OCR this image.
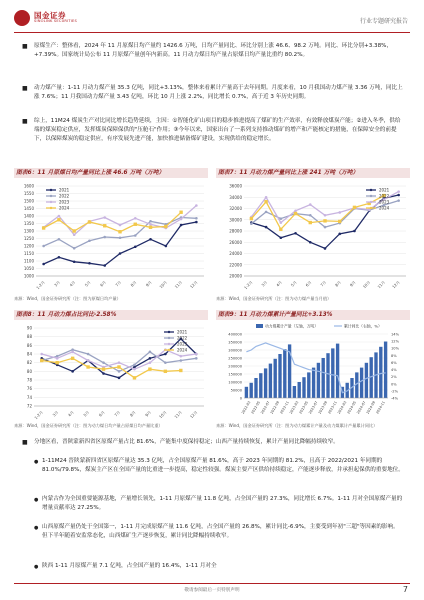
国金证券
SINOLINK SECURITIES	行业专题研究报告
■	原煤生产：整体看，2024 年 11 月原煤日均产量约 1426.6 万吨，日均产量同比、环比分别上涨 46.6、98.2 万吨。同比、环比分别+3.38%，+7.39%。国家统计局公布 11 月原煤产量创年内新高。11 月动力煤日均产量占原煤日均产量比重约 80.2%。
■	动力煤产量：1-11 月动力煤产量 35.3 亿吨，同比+3.13%，整体来看累计产量高于去年同期。月度来看，10 月我国动力煤产量 3.36 万吨，同比上涨 7.6%；11 月我国动力煤产量 3.43 亿吨，环比 10 月上涨 2.2%，同比增长 0.7%，高于近 3 年历史同期。
■	综上，11M24 煤炭生产对比同比增长趋势延续，主因：①智能化矿山项目的稳步推进提高了煤矿的生产效率，有效释放煤炭产能；②进入冬季，供给端的煤炭稳定供应，发挥煤炭保障保供的"压舱石"作用；③今年以来，国家出台了一系列支持推动煤矿的增产和产能核定的措施，在保障安全的前提下，以保障煤炭的稳定供应，有序发展先进产能，加快推进储备煤矿建设，实现供给的稳定增长。
图表6：11 月原煤日均产量同比上涨 46.6 万吨（万吨）
1000
1050
1100
1150
1200
1250
1300
1350
1400
1450
1500
1550
1600
1-2月 3月 4月 5月 6月 7月 8月 9月 10月 11月 12月
2021
2022
2023
2024
来源：Wind，国金证券研究所（注：图为原煤日均产量）
图表7：11 月动力煤产量同比上涨 241 万吨（万吨）
20000
22000
24000
26000
28000
30000
32000
34000
36000
1-2月 3月 4月 5月 6月 7月 8月 9月 10月 11月 12月
2021
2022
2023
2024
来源：Wind，国金证券研究所（注：图为动力煤产量当月值）
图表8：11 月动力煤占比同比-2.58%
72
74
76
78
80
82
84
86
88
90
1-2月 3月 4月 5月 6月 7月 8月 9月 10月 11月 12月
2021
2022
2023
2024
来源：Wind，国金证券研究所（注：图为动力煤日均产量占原煤日均产量比重）
图表9：11 月动力煤累计产量同比+3.13%
0
50000
100000
150000
200000
250000
300000
350000
400000
-4%
-2%
0%
2%
4%
6%
8%
10%
12%
14%
2022-03 2022-05 2022-07 2022-09 2022-11 2023-03 2023-05 2023-07 2023-09 2023-11 2024-03 2024-05 2024-07 2024-09 2024-11
动力煤累计产量（左轴，万吨）	累计同比（右轴，%）
来源：Wind，国金证券研究所（注：图为动力煤累计产量及动力煤累计产量累计同比）
■	分地区看，晋陕蒙新四省区原煤产量占比 81.6%，产能集中度保持稳定；山西产量持续恢复，累计产量同比降幅持续收窄。
● 1-11M24 晋陕蒙新四省区原煤产量达 35.3 亿吨，占全国原煤产量 81.6%，高于 2023 年同期的 81.2%，且高于 2022/2021 年同期的 81.0%/79.8%，煤炭主产区在全国产量的比重进一步提高，稳定性较强。煤炭主要产区供给持续稳定，产能逐步释放，并承担起保供的重要地位。
● 内蒙古作为全国重要能源基地，产量增长领先，1-11 月原煤产量 11.8 亿吨，占全国产量的 27.3%，同比增长 6.7%。1-11 月对全国原煤产量的增量贡献率达 27.25%。
● 山西原煤产量仍处于全国第一，1-11 月完成原煤产量 11.6 亿吨，占全国产量的 26.8%，累计同比-6.9%，主要受到年初"三超"等因素的影响。但下半年随着安监常态化，山西煤矿生产逐步恢复，累计同比降幅持续收窄。
● 陕西 1-11 月原煤产量 7.1 亿吨，占全国产量的 16.4%，1-11 月对全
敬请参阅最后一页特别声明	7
